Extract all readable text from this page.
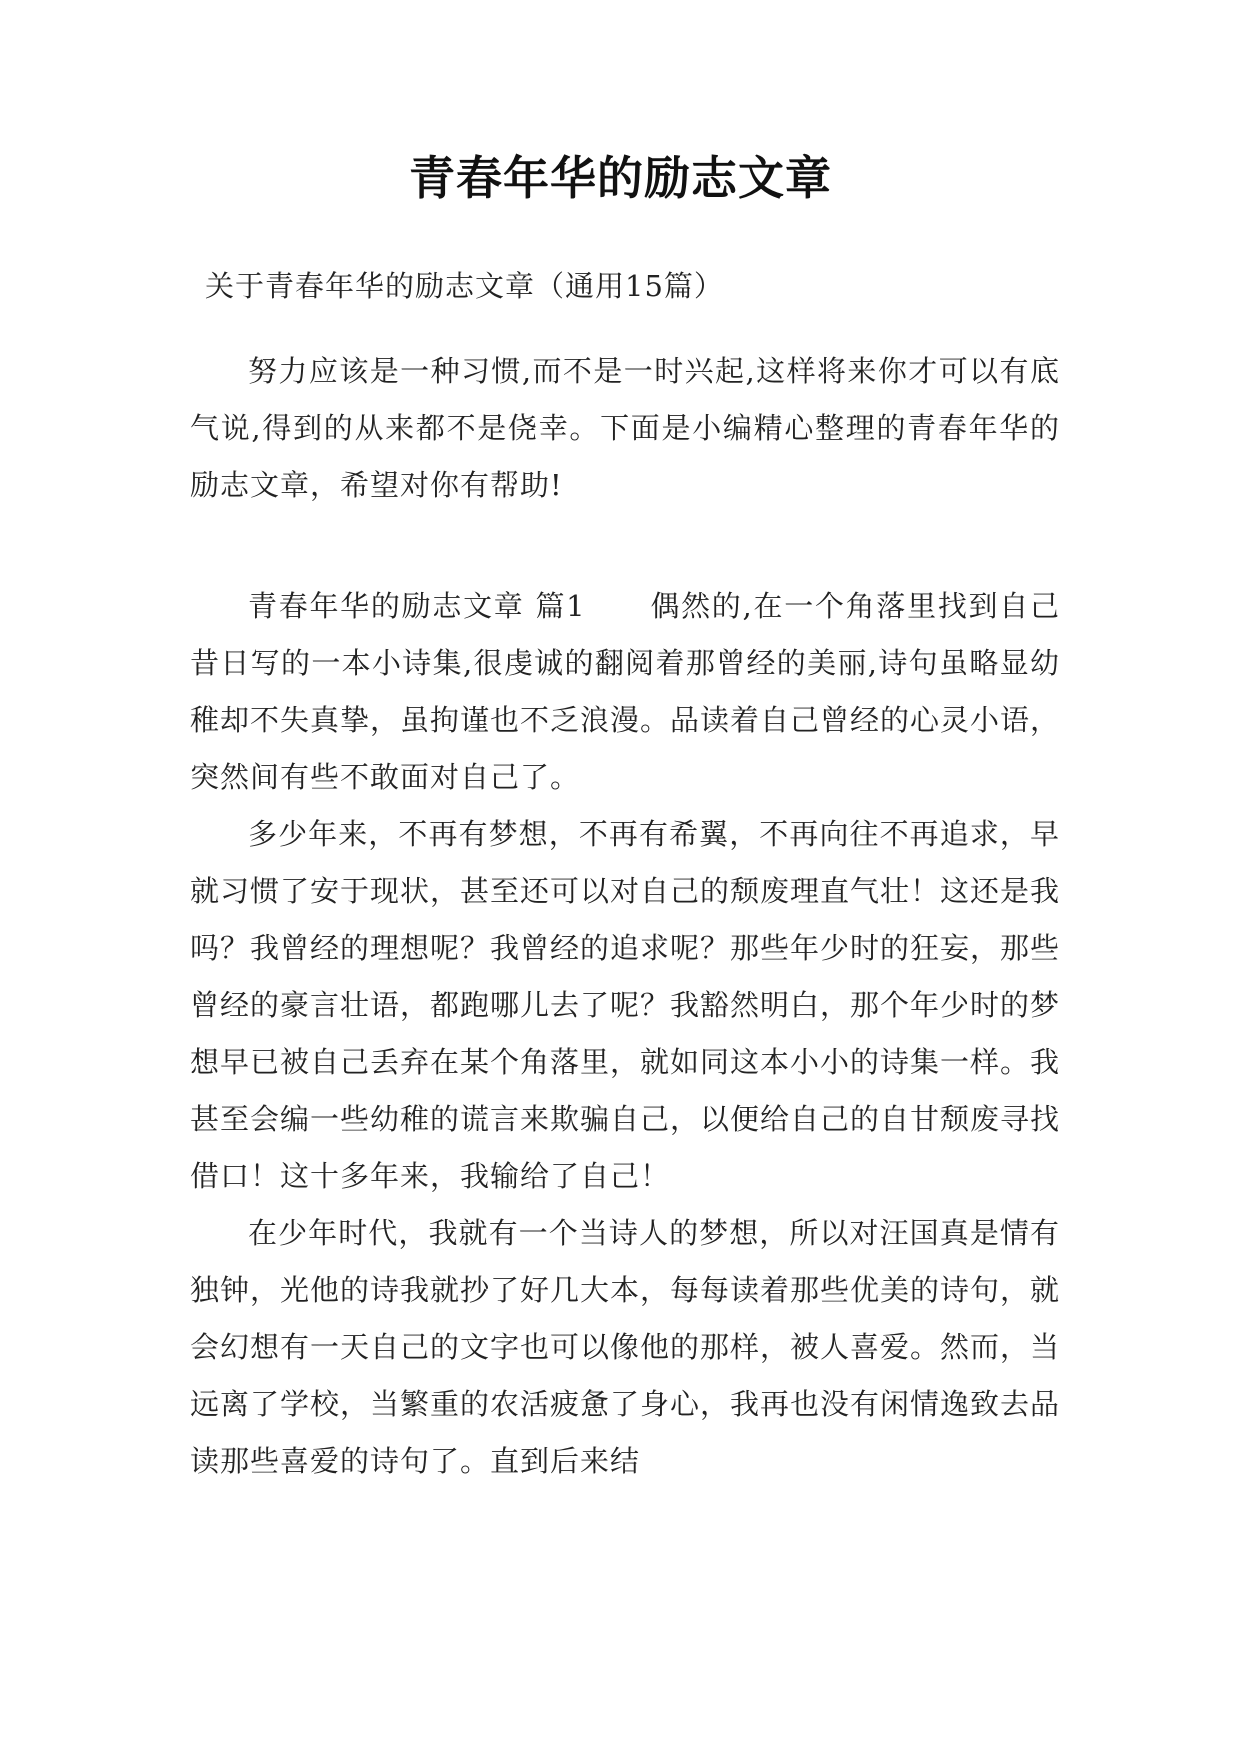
青春年华的励志文章
关于青春年华的励志文章（通用15篇）

努力应该是一种习惯,而不是一时兴起,这样将来你才可以有底气说,得到的从来都不是侥幸。下面是小编精心整理的青春年华的励志文章，希望对你有帮助!

青春年华的励志文章 篇1 偶然的,在一个角落里找到自己昔日写的一本小诗集,很虔诚的翻阅着那曾经的美丽,诗句虽略显幼稚却不失真挚，虽拘谨也不乏浪漫。品读着自己曾经的心灵小语，突然间有些不敢面对自己了。

多少年来，不再有梦想，不再有希翼，不再向往不再追求，早就习惯了安于现状，甚至还可以对自己的颓废理直气壮！这还是我吗？我曾经的理想呢？我曾经的追求呢？那些年少时的狂妄，那些曾经的豪言壮语，都跑哪儿去了呢？我豁然明白，那个年少时的梦想早已被自己丢弃在某个角落里，就如同这本小小的诗集一样。我甚至会编一些幼稚的谎言来欺骗自己，以便给自己的自甘颓废寻找借口！这十多年来，我输给了自己！

在少年时代，我就有一个当诗人的梦想，所以对汪国真是情有独钟，光他的诗我就抄了好几大本，每每读着那些优美的诗句，就会幻想有一天自己的文字也可以像他的那样，被人喜爱。然而，当远离了学校，当繁重的农活疲惫了身心，我再也没有闲情逸致去品读那些喜爱的诗句了。直到后来结
